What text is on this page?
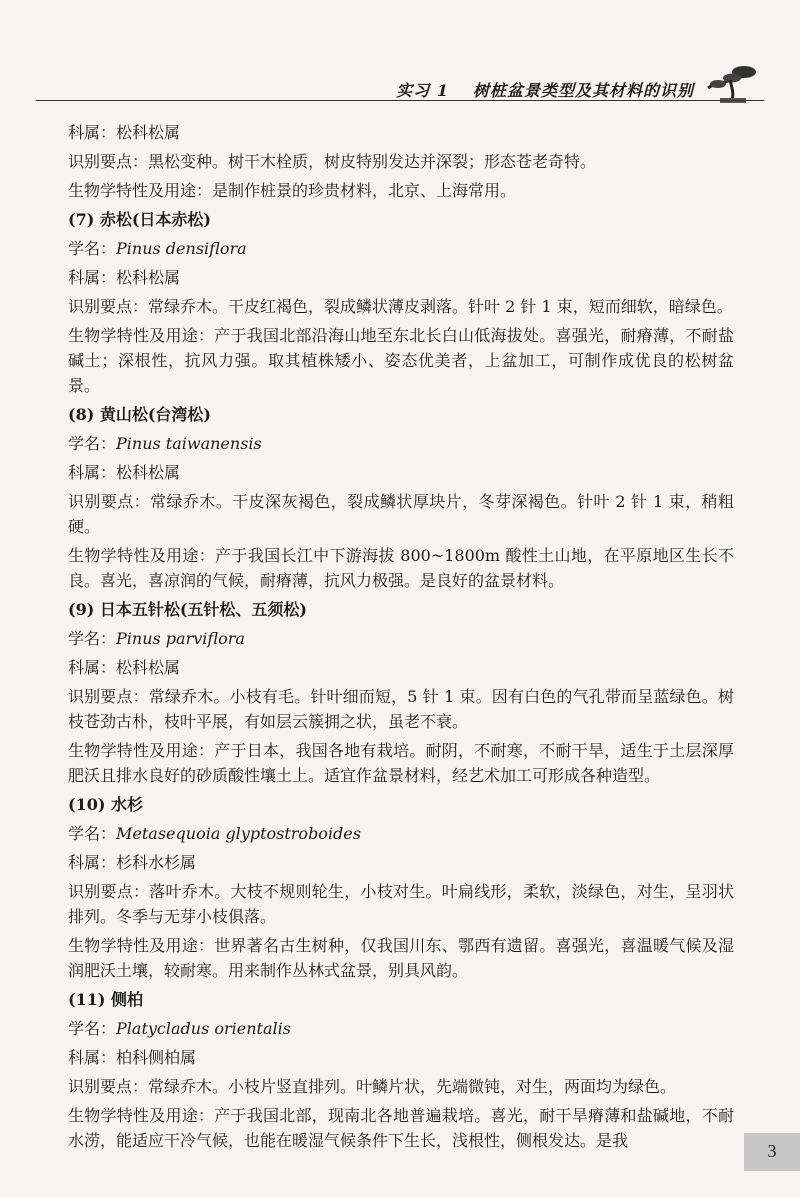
实习 1 树桩盆景类型及其材料的识别

科属：松科松属

识别要点：黑松变种。树干木栓质，树皮特别发达并深裂；形态苍老奇特。

生物学特性及用途：是制作桩景的珍贵材料，北京、上海常用。

(7) 赤松(日本赤松)

学名：Pinus densiflora

科属：松科松属

识别要点：常绿乔木。干皮红褐色，裂成鳞状薄皮剥落。针叶 2 针 1 束，短而细软，暗绿色。

生物学特性及用途：产于我国北部沿海山地至东北长白山低海拔处。喜强光，耐瘠薄，不耐盐碱土；深根性，抗风力强。取其植株矮小、姿态优美者，上盆加工，可制作成优良的松树盆景。

(8) 黄山松(台湾松)

学名：Pinus taiwanensis

科属：松科松属

识别要点：常绿乔木。干皮深灰褐色，裂成鳞状厚块片，冬芽深褐色。针叶 2 针 1 束，稍粗硬。

生物学特性及用途：产于我国长江中下游海拔 800~1800m 酸性土山地，在平原地区生长不良。喜光，喜凉润的气候，耐瘠薄，抗风力极强。是良好的盆景材料。

(9) 日本五针松(五针松、五须松)

学名：Pinus parviflora

科属：松科松属

识别要点：常绿乔木。小枝有毛。针叶细而短，5 针 1 束。因有白色的气孔带而呈蓝绿色。树枝苍劲古朴，枝叶平展，有如层云簇拥之状，虽老不衰。

生物学特性及用途：产于日本，我国各地有栽培。耐阴，不耐寒，不耐干旱，适生于土层深厚肥沃且排水良好的砂质酸性壤土上。适宜作盆景材料，经艺术加工可形成各种造型。

(10) 水杉

学名：Metasequoia glyptostroboides

科属：杉科水杉属

识别要点：落叶乔木。大枝不规则轮生，小枝对生。叶扁线形，柔软，淡绿色，对生，呈羽状排列。冬季与无芽小枝俱落。

生物学特性及用途：世界著名古生树种，仅我国川东、鄂西有遗留。喜强光，喜温暖气候及湿润肥沃土壤，较耐寒。用来制作丛林式盆景，别具风韵。

(11) 侧柏

学名：Platycladus orientalis

科属：柏科侧柏属

识别要点：常绿乔木。小枝片竖直排列。叶鳞片状，先端微钝，对生，两面均为绿色。

生物学特性及用途：产于我国北部，现南北各地普遍栽培。喜光，耐干旱瘠薄和盐碱地，不耐水涝，能适应干冷气候，也能在暖湿气候条件下生长，浅根性，侧根发达。是我

3
